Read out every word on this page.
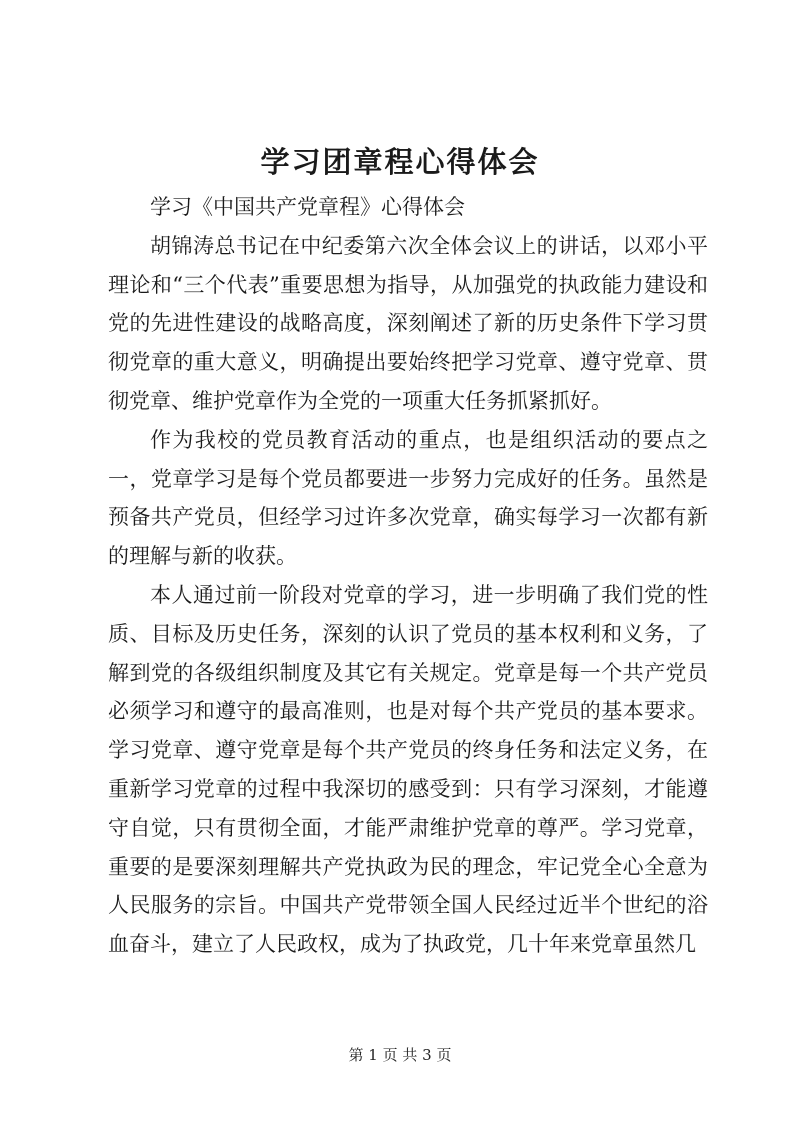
学习团章程心得体会

学习《中国共产党章程》心得体会

胡锦涛总书记在中纪委第六次全体会议上的讲话，以邓小平理论和“三个代表”重要思想为指导，从加强党的执政能力建设和党的先进性建设的战略高度，深刻阐述了新的历史条件下学习贯彻党章的重大意义，明确提出要始终把学习党章、遵守党章、贯彻党章、维护党章作为全党的一项重大任务抓紧抓好。

作为我校的党员教育活动的重点，也是组织活动的要点之一，党章学习是每个党员都要进一步努力完成好的任务。虽然是预备共产党员，但经学习过许多次党章，确实每学习一次都有新的理解与新的收获。

本人通过前一阶段对党章的学习，进一步明确了我们党的性质、目标及历史任务，深刻的认识了党员的基本权利和义务，了解到党的各级组织制度及其它有关规定。党章是每一个共产党员必须学习和遵守的最高准则，也是对每个共产党员的基本要求。学习党章、遵守党章是每个共产党员的终身任务和法定义务，在重新学习党章的过程中我深切的感受到：只有学习深刻，才能遵守自觉，只有贯彻全面，才能严肃维护党章的尊严。学习党章，重要的是要深刻理解共产党执政为民的理念，牢记党全心全意为人民服务的宗旨。中国共产党带领全国人民经过近半个世纪的浴血奋斗，建立了人民政权，成为了执政党，几十年来党章虽然几

第 1 页 共 3 页
